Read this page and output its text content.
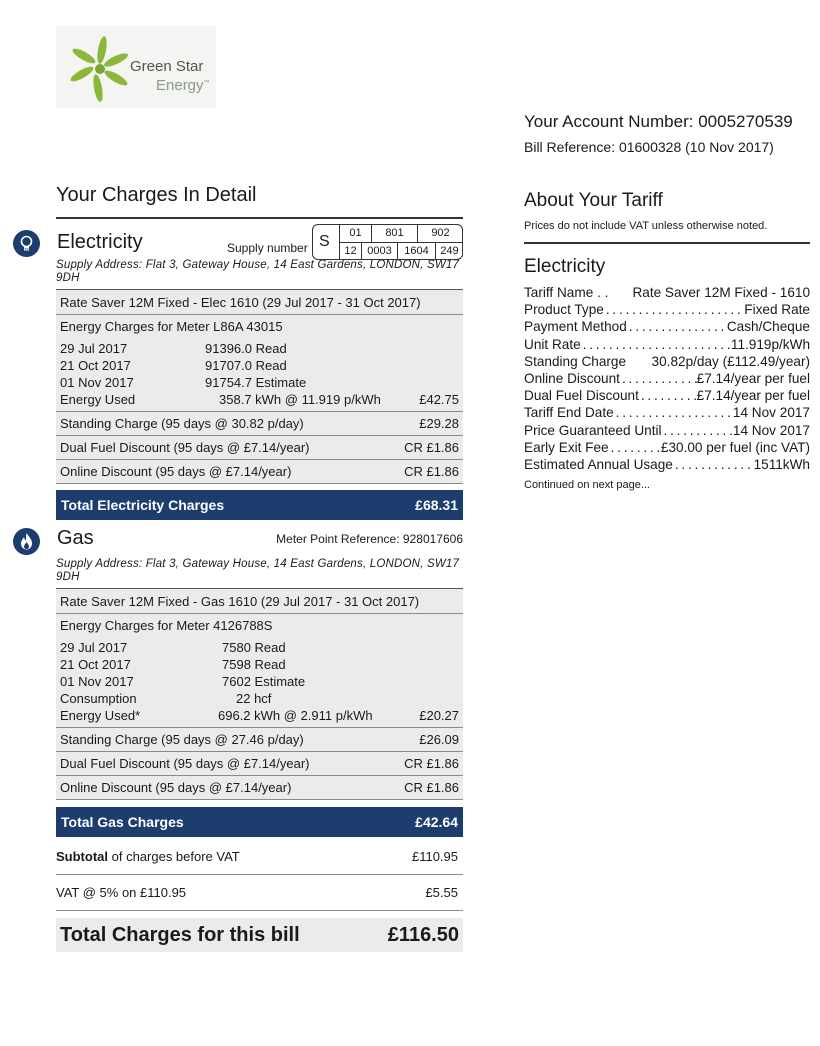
Green Star
Energy™
Your Account Number: 0005270539
Bill Reference: 01600328 (10 Nov 2017)
Your Charges In Detail
Electricity	Supply number S	01	801	902
12 0003	1604	249
Supply Address: Flat 3, Gateway House, 14 East Gardens, LONDON, SW17 9DH
Rate Saver 12M Fixed - Elec 1610 (29 Jul 2017 - 31 Oct 2017)
Energy Charges for Meter L86A 43015
29 Jul 2017	91396.0 Read
21 Oct 2017	91707.0 Read
01 Nov 2017	91754.7 Estimate
Energy Used	358.7 kWh @ 11.919 p/kWh	£42.75
Standing Charge (95 days @ 30.82 p/day)	£29.28
Dual Fuel Discount (95 days @ £7.14/year)	CR £1.86
Online Discount (95 days @ £7.14/year)	CR £1.86
Total Electricity Charges	£68.31
Gas	Meter Point Reference: 928017606
Supply Address: Flat 3, Gateway House, 14 East Gardens, LONDON, SW17 9DH
Rate Saver 12M Fixed - Gas 1610 (29 Jul 2017 - 31 Oct 2017)
Energy Charges for Meter 4126788S
29 Jul 2017	7580 Read
21 Oct 2017	7598 Read
01 Nov 2017	7602 Estimate
Consumption	22 hcf
Energy Used*	696.2 kWh @ 2.911 p/kWh	£20.27
Standing Charge (95 days @ 27.46 p/day)	£26.09
Dual Fuel Discount (95 days @ £7.14/year)	CR £1.86
Online Discount (95 days @ £7.14/year)	CR £1.86
Total Gas Charges	£42.64
Subtotal of charges before VAT	£110.95
VAT @ 5% on £110.95	£5.55
Total Charges for this bill	£116.50
About Your Tariff
Prices do not include VAT unless otherwise noted.
Electricity
Tariff Name . . Rate Saver 12M Fixed - 1610
Product Type . . .	Fixed Rate
Payment Method . . .	Cash/Cheque
Unit Rate . . .	11.919p/kWh
Standing Charge 30.82p/day (£112.49/year)
Online Discount . . .	£7.14/year per fuel
Dual Fuel Discount . . .	£7.14/year per fuel
Tariff End Date . . .	14 Nov 2017
Price Guaranteed Until . . .	14 Nov 2017
Early Exit Fee . . .	£30.00 per fuel (inc VAT)
Estimated Annual Usage . . .	1511kWh
Continued on next page...
